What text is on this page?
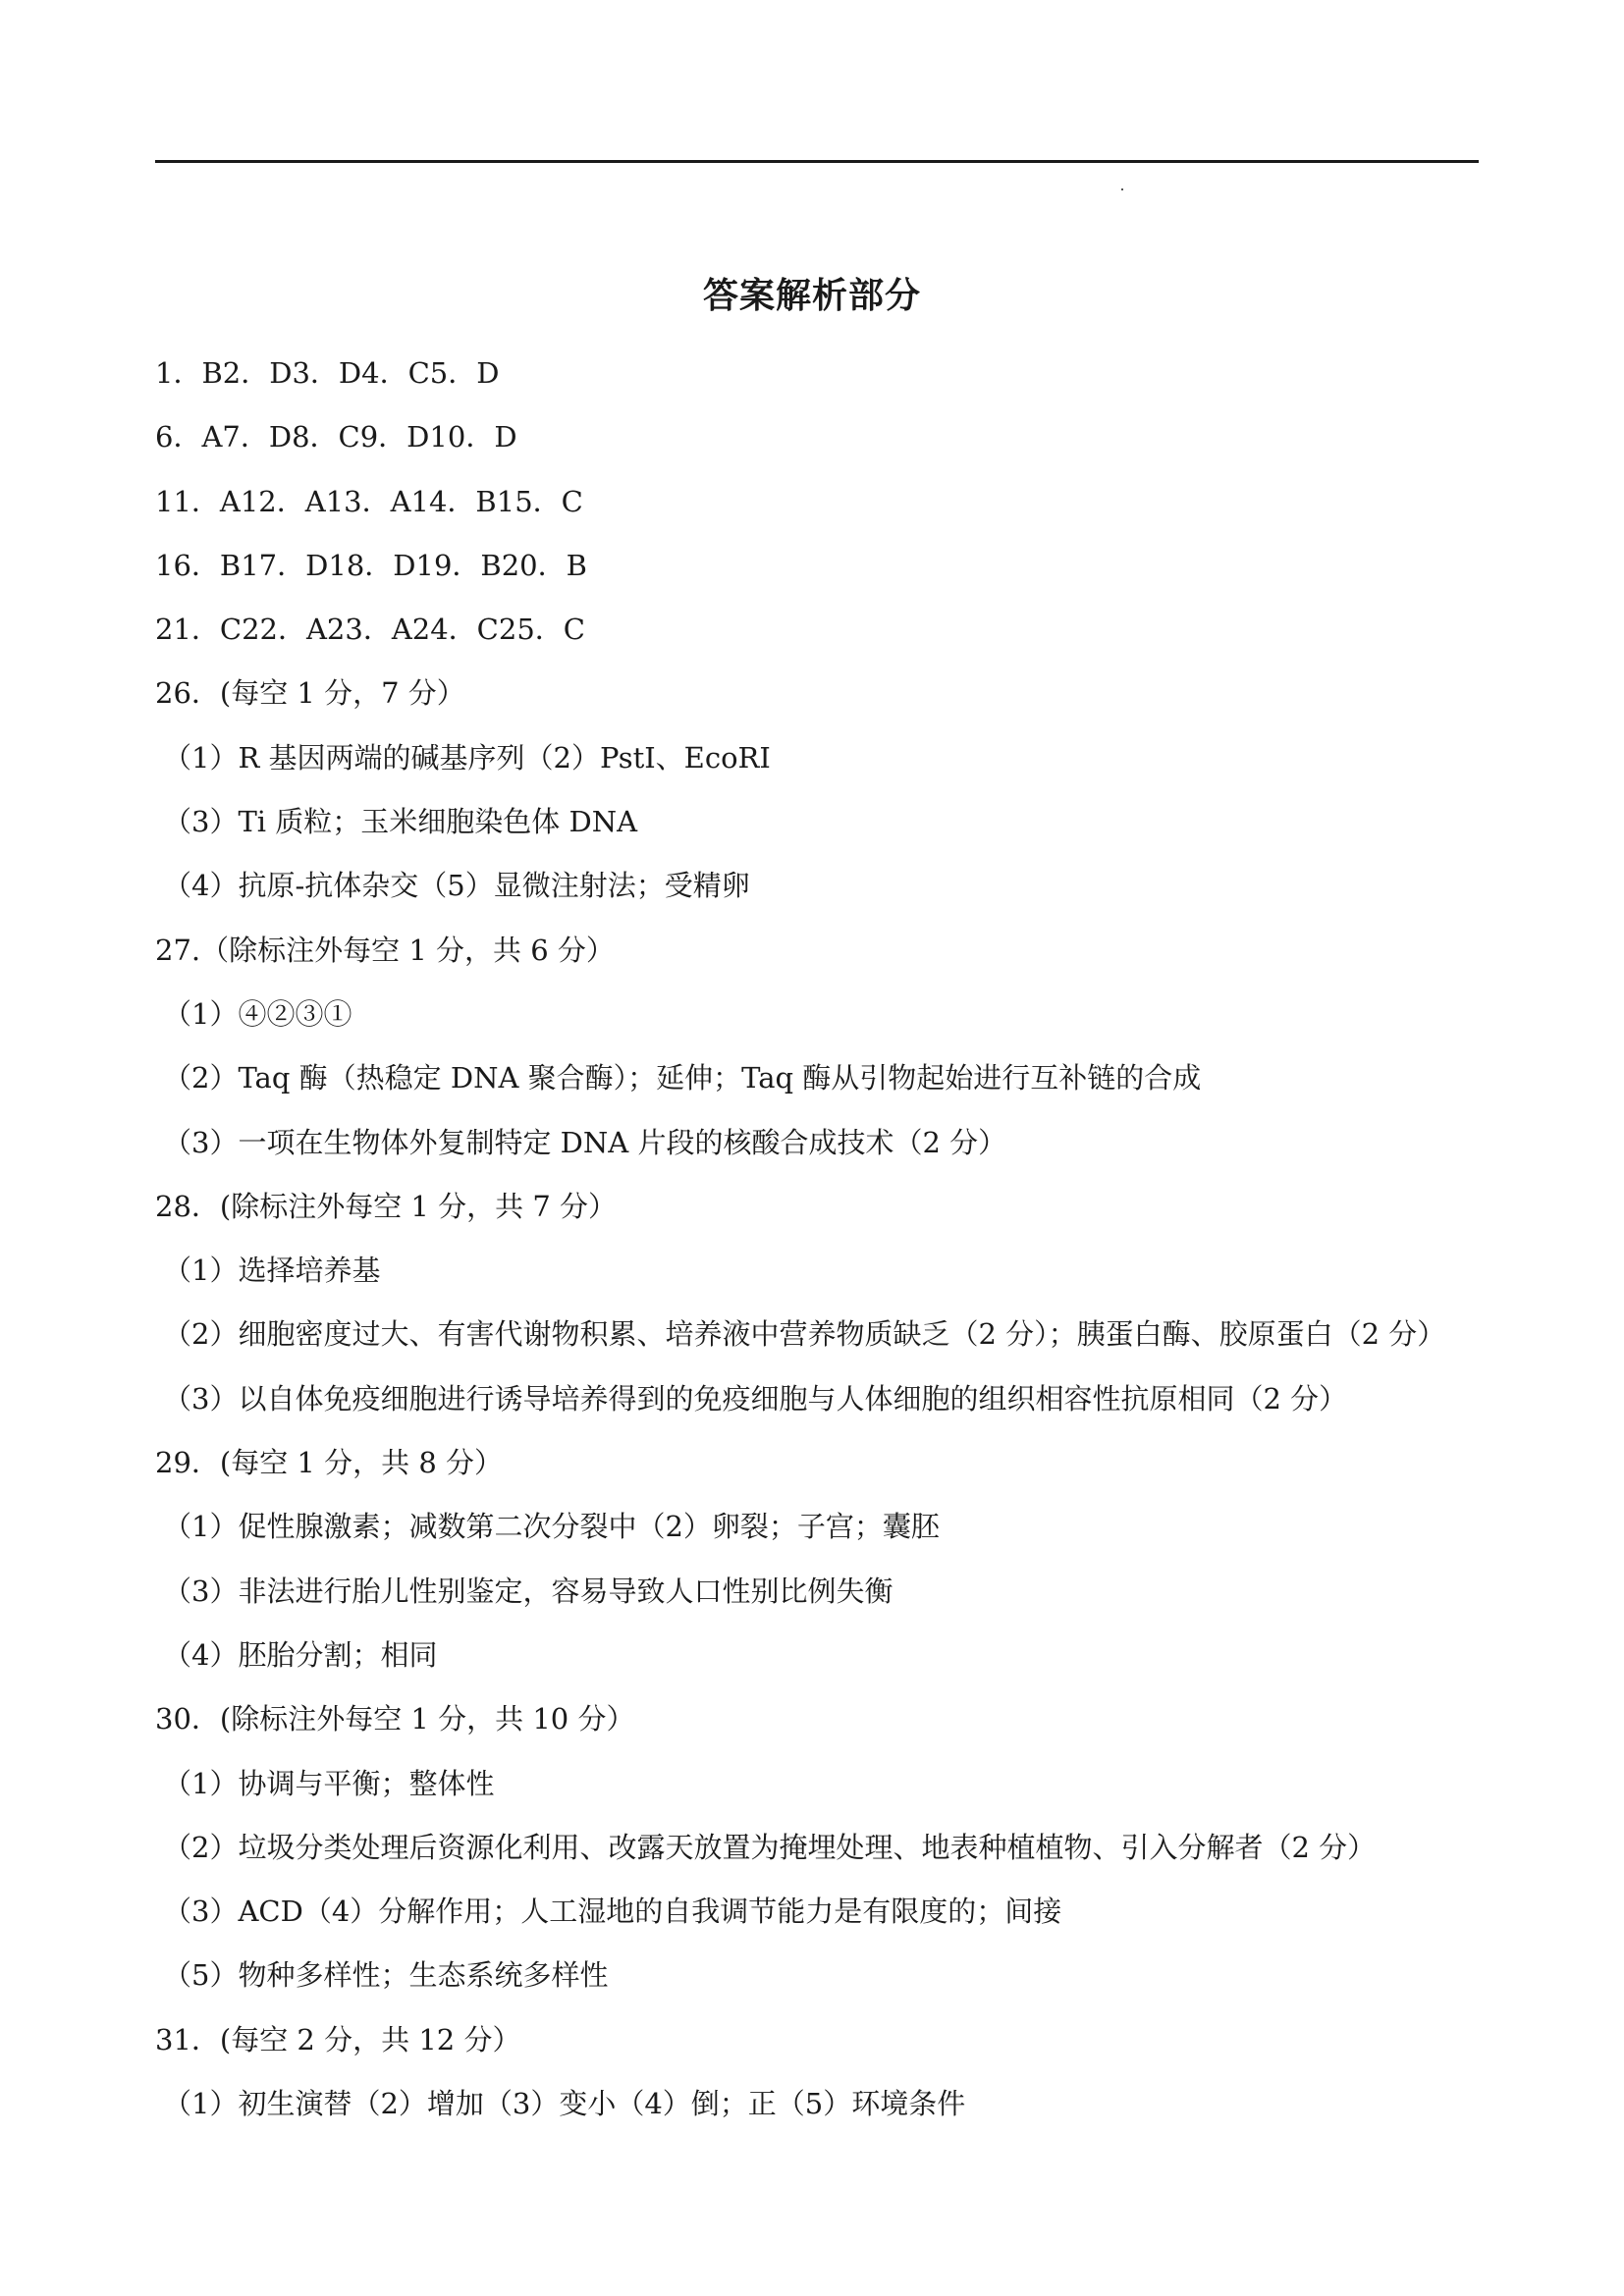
答案解析部分
1．B2．D3．D4．C5．D
6．A7．D8．C9．D10．D
11．A12．A13．A14．B15．C
16．B17．D18．D19．B20．B
21．C22．A23．A24．C25．C
26．(每空 1 分，7 分）
（1）R 基因两端的碱基序列（2）PstI、EcoRI
（3）Ti 质粒；玉米细胞染色体 DNA
（4）抗原-抗体杂交（5）显微注射法；受精卵
27.（除标注外每空 1 分，共 6 分）
（1）④②③①
（2）Taq 酶（热稳定 DNA 聚合酶）；延伸；Taq 酶从引物起始进行互补链的合成
（3）一项在生物体外复制特定 DNA 片段的核酸合成技术（2 分）
28．(除标注外每空 1 分，共 7 分）
（1）选择培养基
（2）细胞密度过大、有害代谢物积累、培养液中营养物质缺乏（2 分）；胰蛋白酶、胶原蛋白（2 分）
（3）以自体免疫细胞进行诱导培养得到的免疫细胞与人体细胞的组织相容性抗原相同（2 分）
29．(每空 1 分，共 8 分）
（1）促性腺激素；减数第二次分裂中（2）卵裂；子宫；囊胚
（3）非法进行胎儿性别鉴定，容易导致人口性别比例失衡
（4）胚胎分割；相同
30．(除标注外每空 1 分，共 10 分）
（1）协调与平衡；整体性
（2）垃圾分类处理后资源化利用、改露天放置为掩埋处理、地表种植植物、引入分解者（2 分）
（3）ACD（4）分解作用；人工湿地的自我调节能力是有限度的；间接
（5）物种多样性；生态系统多样性
31．(每空 2 分，共 12 分）
（1）初生演替（2）增加（3）变小（4）倒；正（5）环境条件
